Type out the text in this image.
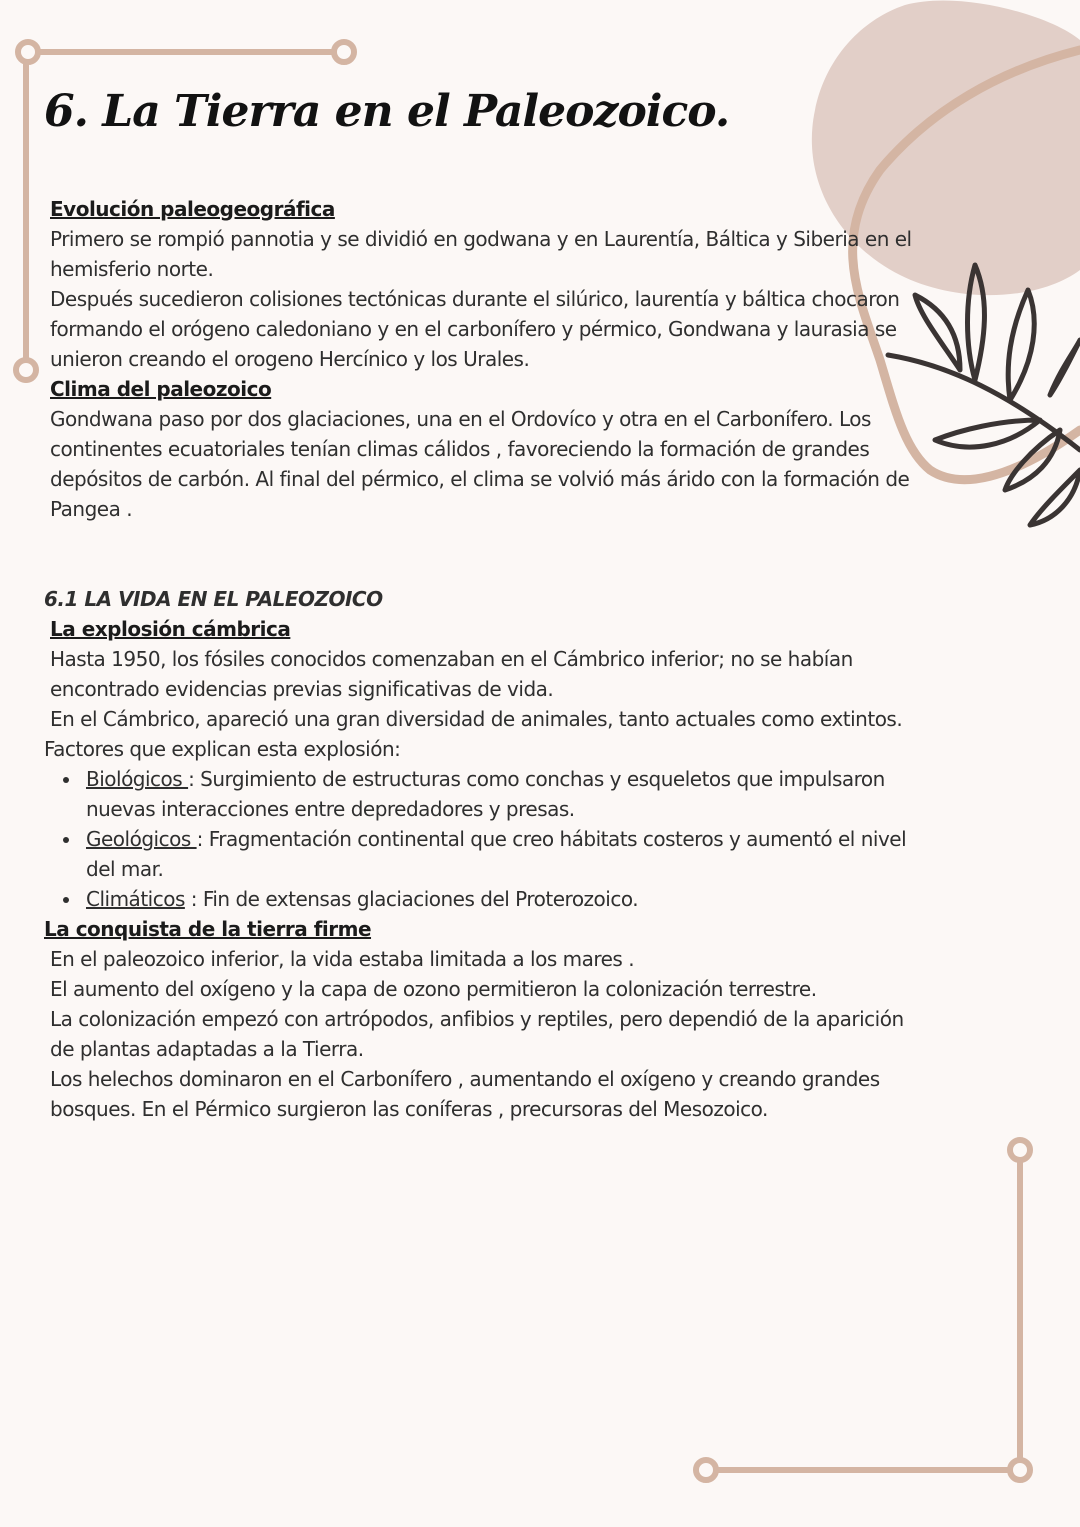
6. La Tierra en el Paleozoico.

Evolución paleogeográfica

Primero se rompió pannotia y se dividió en godwana y en Laurentía, Báltica y Siberia en el hemisferio norte.

Después sucedieron colisiones tectónicas durante el silúrico, laurentía y báltica chocaron formando el orógeno caledoniano y en el carbonífero y pérmico, Gondwana y laurasia se unieron creando el orogeno Hercínico y los Urales.

Clima del paleozoico

Gondwana paso por dos glaciaciones, una en el Ordovíco y otra en el Carbonífero. Los continentes ecuatoriales tenían climas cálidos , favoreciendo la formación de grandes depósitos de carbón. Al final del pérmico, el clima se volvió más árido con la formación de Pangea .

6.1 LA VIDA EN EL PALEOZOICO

La explosión cámbrica

Hasta 1950, los fósiles conocidos comenzaban en el Cámbrico inferior; no se habían encontrado evidencias previas significativas de vida.

En el Cámbrico, apareció una gran diversidad de animales, tanto actuales como extintos.

Factores que explican esta explosión:

• Biológicos : Surgimiento de estructuras como conchas y esqueletos que impulsaron nuevas interacciones entre depredadores y presas.
• Geológicos : Fragmentación continental que creo hábitats costeros y aumentó el nivel del mar.
• Climáticos : Fin de extensas glaciaciones del Proterozoico.

La conquista de la tierra firme

En el paleozoico inferior, la vida estaba limitada a los mares .

El aumento del oxígeno y la capa de ozono permitieron la colonización terrestre.

La colonización empezó con artrópodos, anfibios y reptiles, pero dependió de la aparición de plantas adaptadas a la Tierra.

Los helechos dominaron en el Carbonífero , aumentando el oxígeno y creando grandes bosques. En el Pérmico surgieron las coníferas , precursoras del Mesozoico.
